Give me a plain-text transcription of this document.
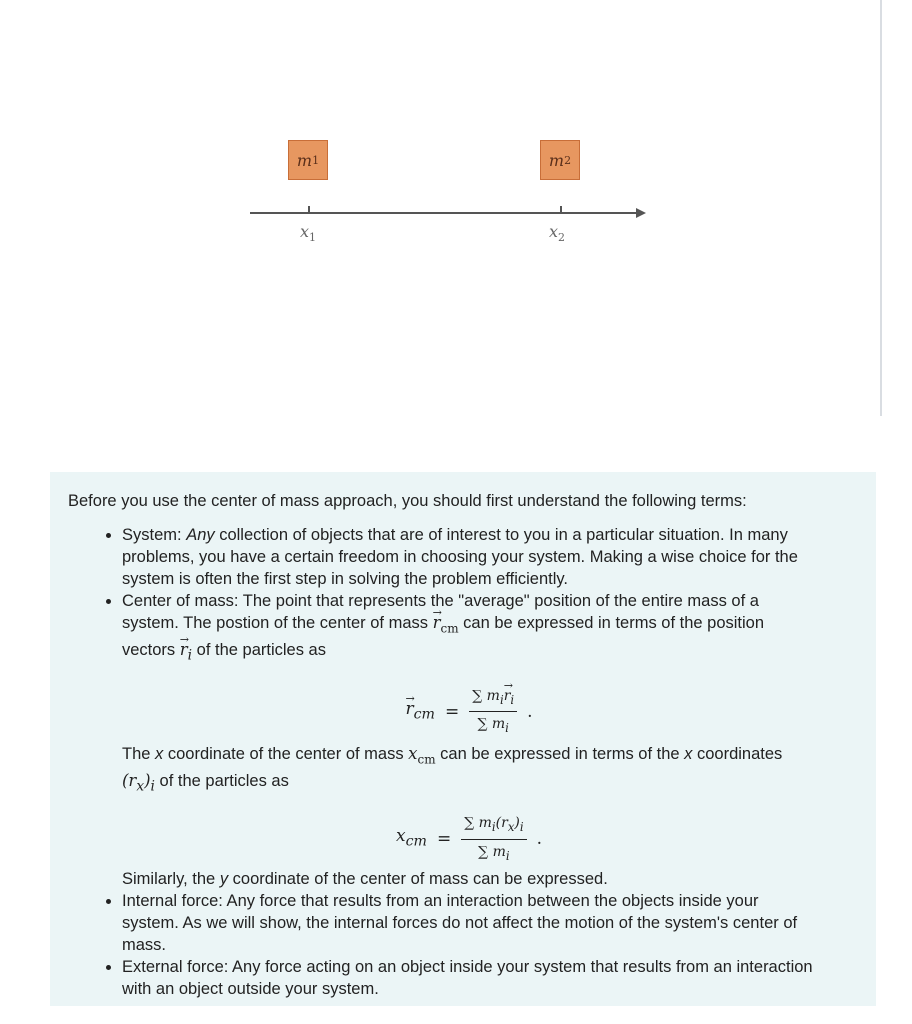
m 1	m 2
$x_1$	$x_2$

Before you use the center of mass approach, you should first understand the following terms:

• System: Any collection of objects that are of interest to you in a particular situation. In many problems, you have a certain freedom in choosing your system. Making a wise choice for the system is often the first step in solving the problem efficiently.
• Center of mass: The point that represents the "average" position of the entire mass of a system. The postion of the center of mass → $r_{cm}$ can be expressed in terms of the position vectors → $r_i$ of the particles as
→ $r_{cm} = \frac{\sum m_i\to r_i}{\sum m_i}$ .
The x coordinate of the center of mass $x_{cm}$ can be expressed in terms of the x coordinates $(r_x)_i$ of the particles as
$x_{cm} = \frac{\sum m_i(r_x)_i}{\sum m_i}$ .
Similarly, the y coordinate of the center of mass can be expressed.
• Internal force: Any force that results from an interaction between the objects inside your system. As we will show, the internal forces do not affect the motion of the system's center of mass.
• External force: Any force acting on an object inside your system that results from an interaction with an object outside your system.
